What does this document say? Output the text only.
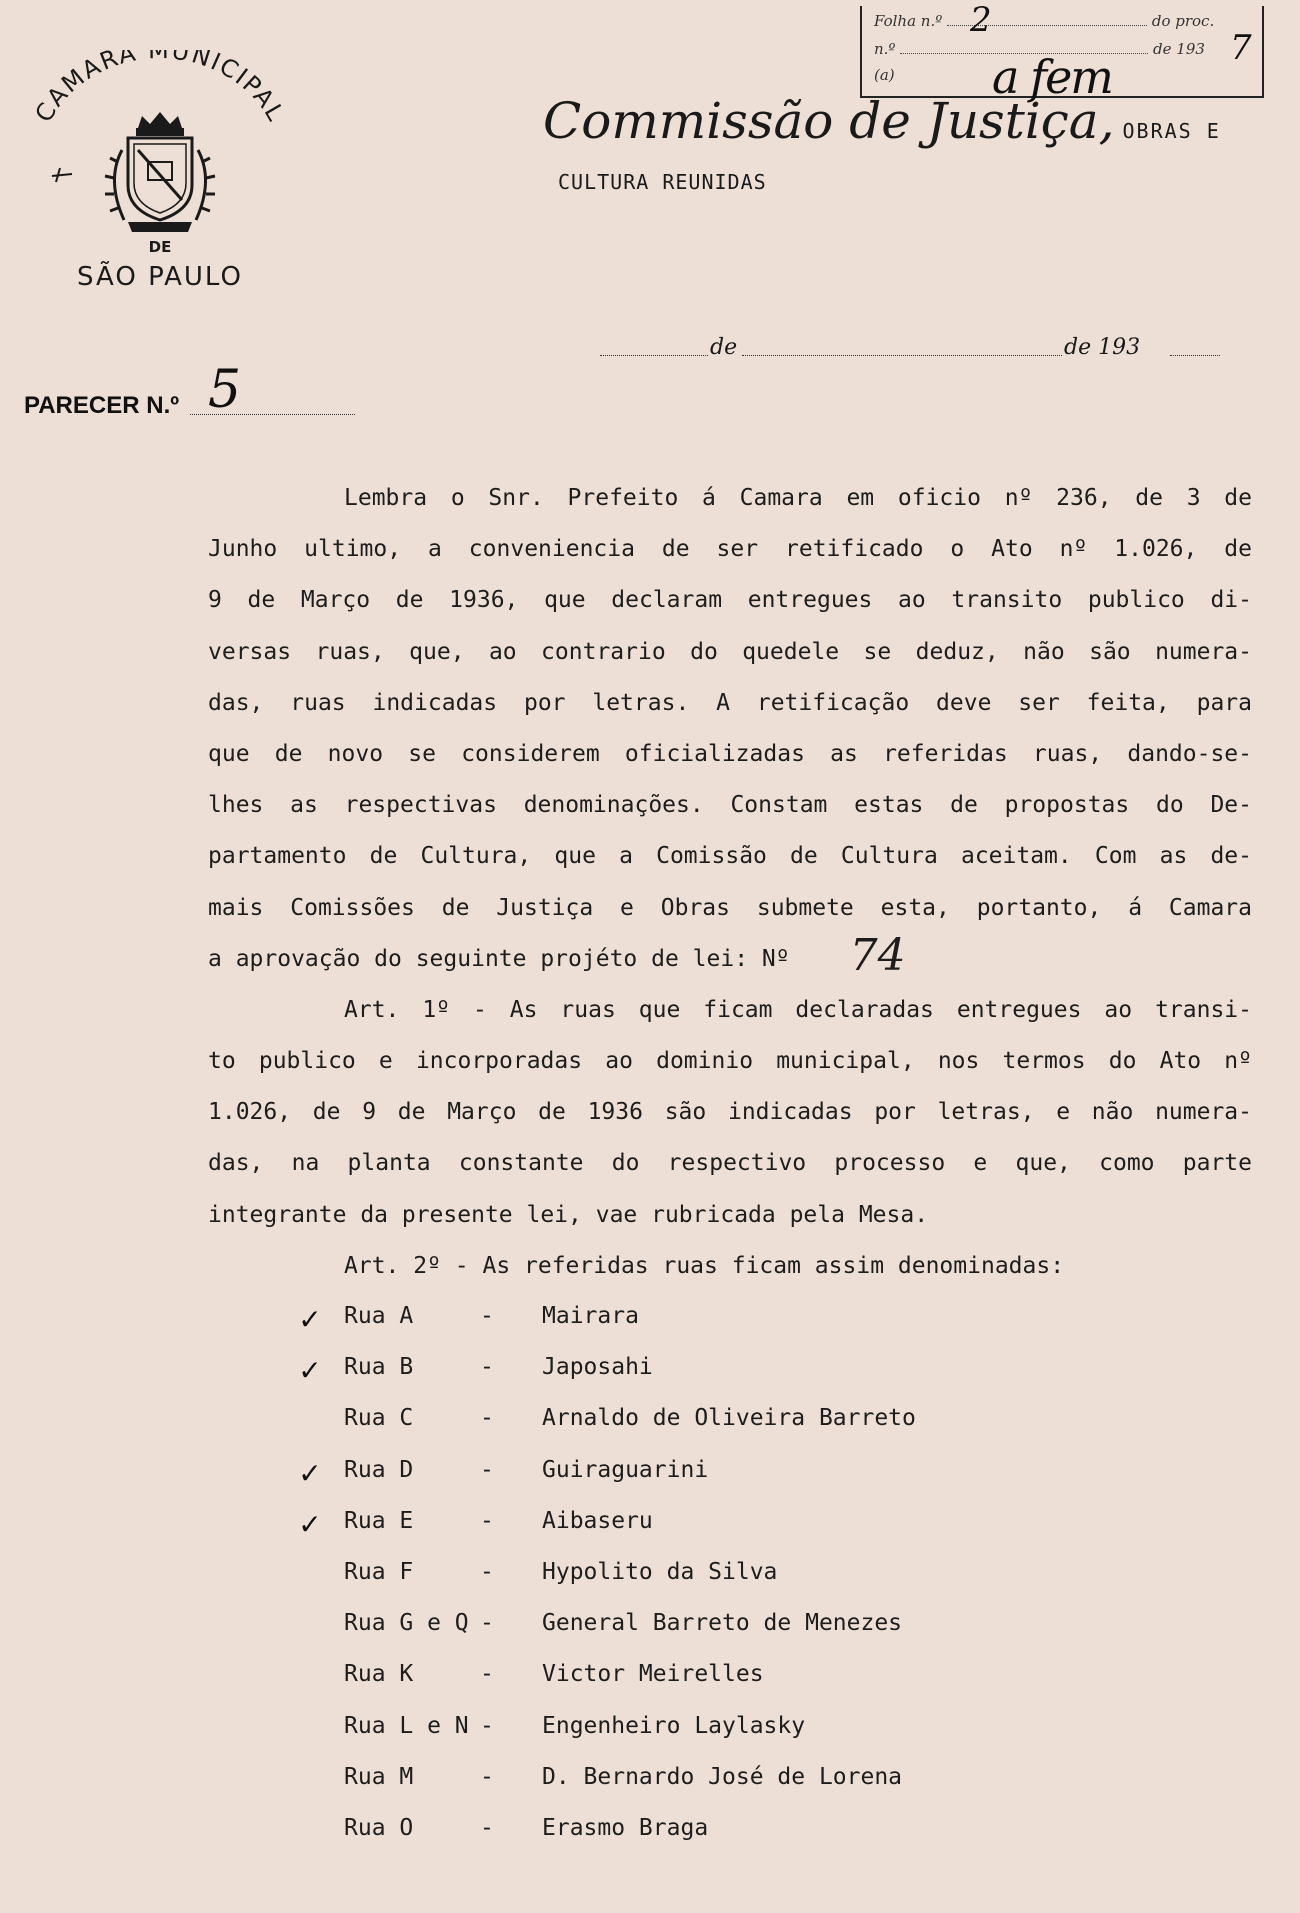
CAMARA MUNICIPAL
DE
SÃO PAULO
Folha n.º	do proc.
2
n.º	de 193 7
(a) a fem
Commissão de Justiça, OBRAS E
CULTURA REUNIDAS
de	de 193
PARECER N.º 5
Lembra o Snr. Prefeito á Camara em oficio nº 236, de 3 de
Junho ultimo, a conveniencia de ser retificado o Ato nº 1.026, de
9 de Março de 1936, que declaram entregues ao transito publico di-
versas ruas, que, ao contrario do quedele se deduz, não são numera-
das, ruas indicadas por letras. A retificação deve ser feita, para
que de novo se considerem oficializadas as referidas ruas, dando-se-
lhes as respectivas denominações. Constam estas de propostas do De-
partamento de Cultura, que a Comissão de Cultura aceitam. Com as de-
mais Comissões de Justiça e Obras submete esta, portanto, á Camara
a aprovação do seguinte projéto de lei: Nº 74
Art. 1º - As ruas que ficam declaradas entregues ao transi-
to publico e incorporadas ao dominio municipal, nos termos do Ato nº
1.026, de 9 de Março de 1936 são indicadas por letras, e não numera-
das, na planta constante do respectivo processo e que, como parte
integrante da presente lei, vae rubricada pela Mesa.
Art. 2º - As referidas ruas ficam assim denominadas:
✓ Rua A	- Mairara
✓ Rua B	- Japosahi
Rua C	- Arnaldo de Oliveira Barreto
✓ Rua D	- Guiraguarini
✓ Rua E	- Aibaseru
Rua F	- Hypolito da Silva
Rua G e Q - General Barreto de Menezes
Rua K	- Victor Meirelles
Rua L e N - Engenheiro Laylasky
Rua M	- D. Bernardo José de Lorena
Rua O	- Erasmo Braga
